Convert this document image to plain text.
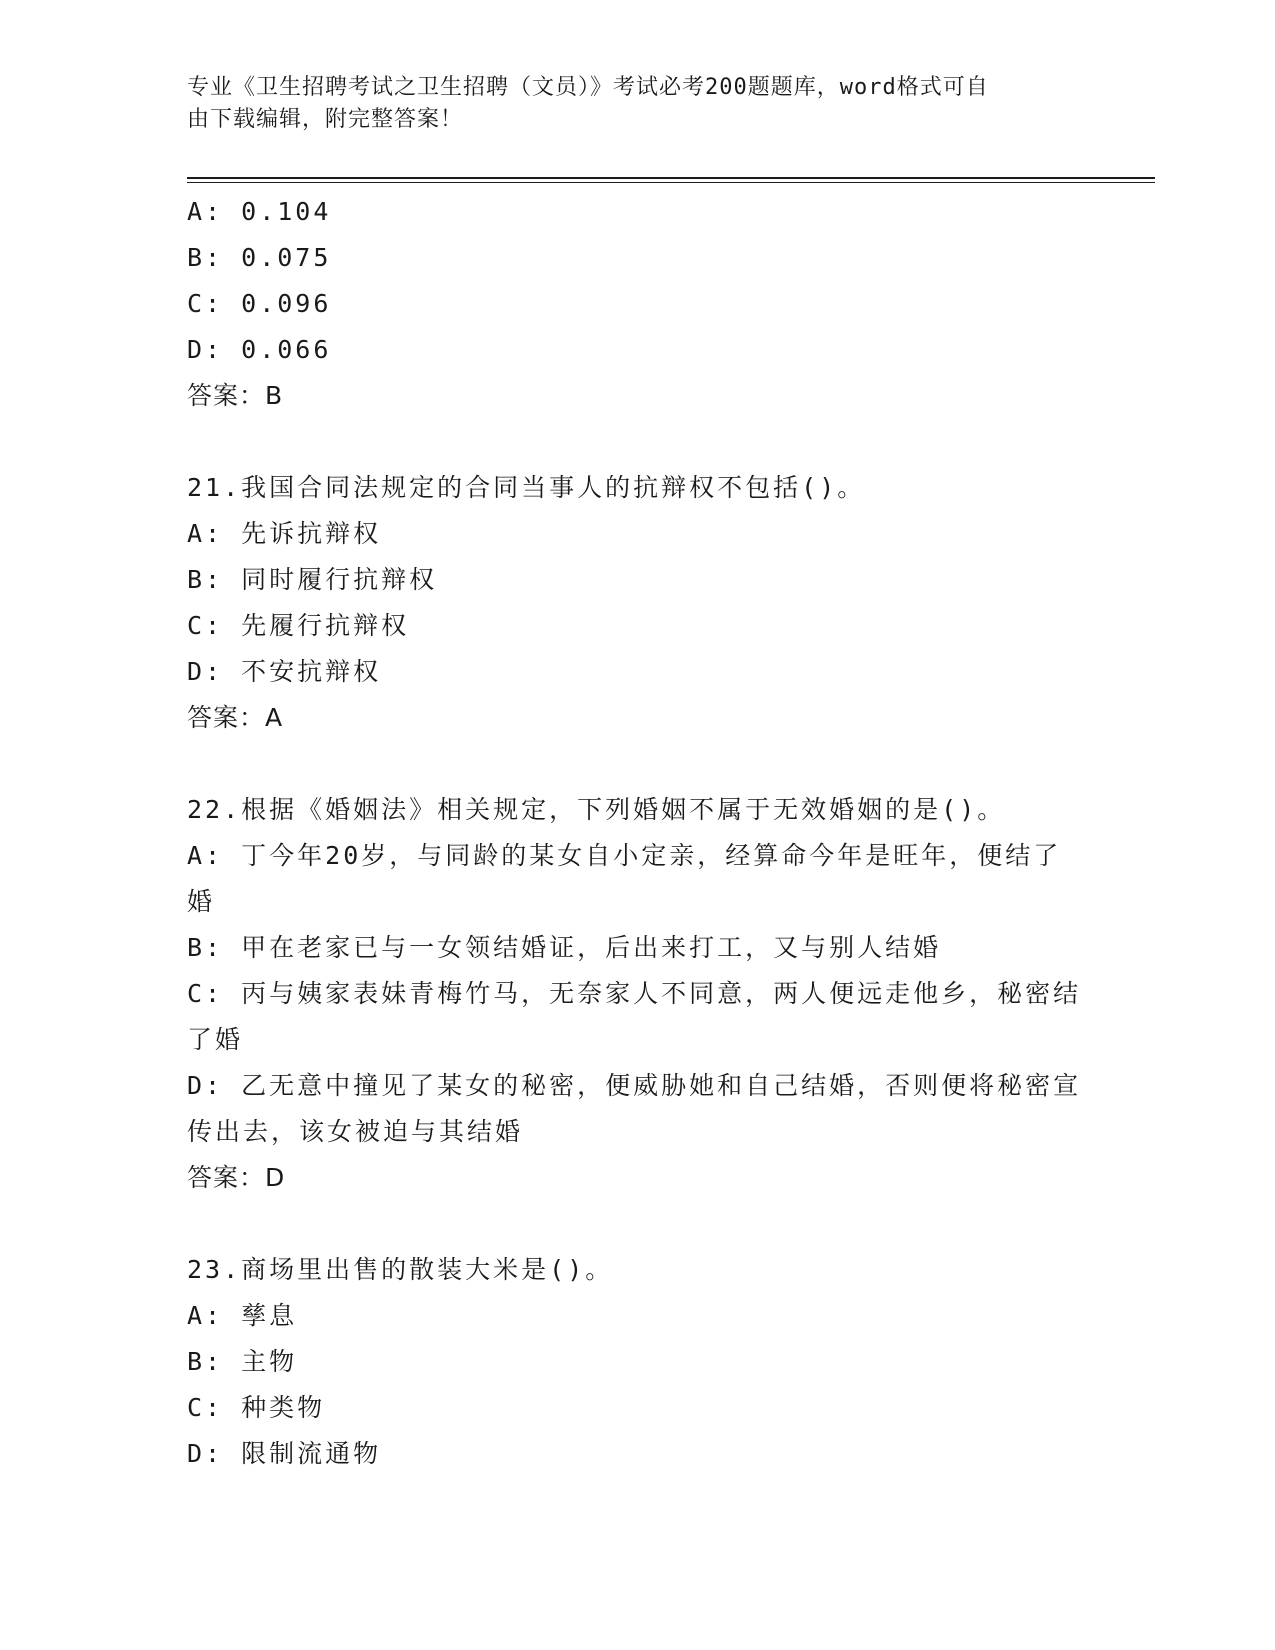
专业《卫生招聘考试之卫生招聘（文员）》考试必考200题题库，word格式可自
由下载编辑，附完整答案！
A: 0.104
B: 0.075
C: 0.096
D: 0.066
答案：B
21.我国合同法规定的合同当事人的抗辩权不包括()。
A: 先诉抗辩权
B: 同时履行抗辩权
C: 先履行抗辩权
D: 不安抗辩权
答案：A
22.根据《婚姻法》相关规定，下列婚姻不属于无效婚姻的是()。
A: 丁今年20岁，与同龄的某女自小定亲，经算命今年是旺年，便结了婚
B: 甲在老家已与一女领结婚证，后出来打工，又与别人结婚
C: 丙与姨家表妹青梅竹马，无奈家人不同意，两人便远走他乡，秘密结了婚
D: 乙无意中撞见了某女的秘密，便威胁她和自己结婚，否则便将秘密宣传出去，该女被迫与其结婚
答案：D
23.商场里出售的散装大米是()。
A: 孳息
B: 主物
C: 种类物
D: 限制流通物
